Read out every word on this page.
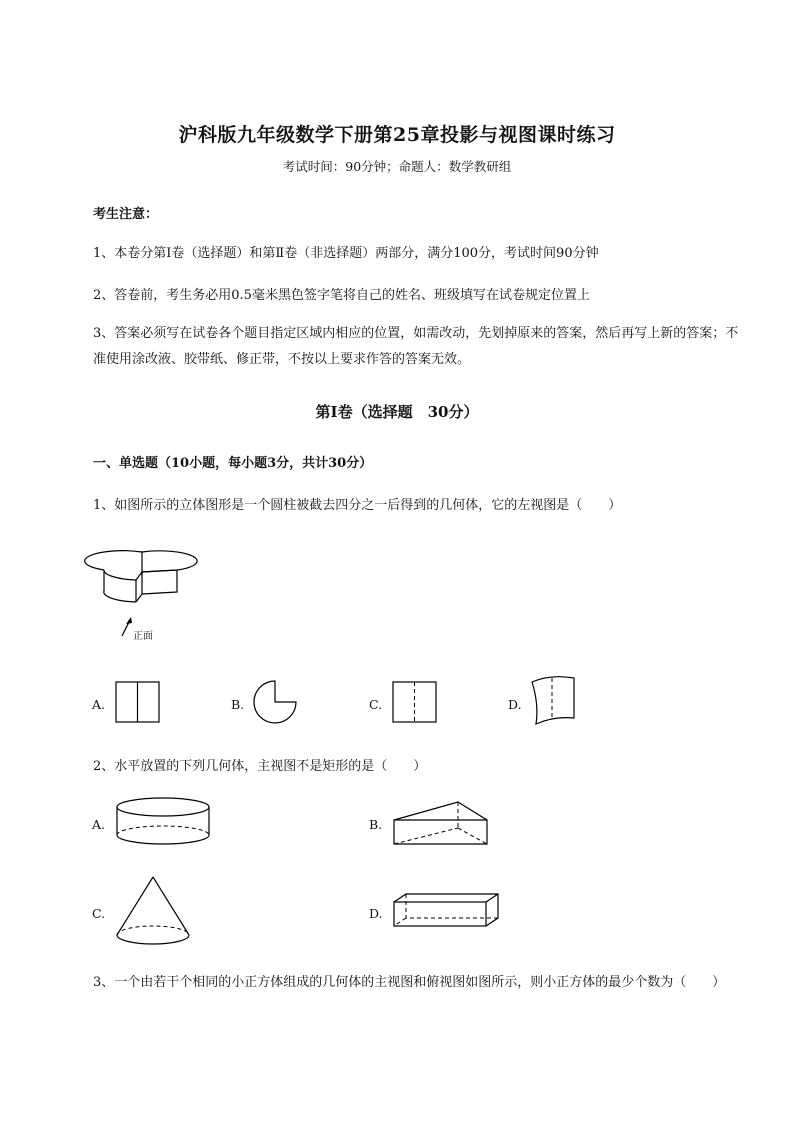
沪科版九年级数学下册第25章投影与视图课时练习
考试时间：90分钟；命题人：数学教研组
考生注意：
1、本卷分第I卷（选择题）和第Ⅱ卷（非选择题）两部分，满分100分，考试时间90分钟
2、答卷前，考生务必用0.5毫米黑色签字笔将自己的姓名、班级填写在试卷规定位置上
3、答案必须写在试卷各个题目指定区域内相应的位置，如需改动，先划掉原来的答案，然后再写上新的答案；不准使用涂改液、胶带纸、修正带，不按以上要求作答的答案无效。
第I卷（选择题　30分）
一、单选题（10小题，每小题3分，共计30分）
1、如图所示的立体图形是一个圆柱被截去四分之一后得到的几何体，它的左视图是（　　）
正面
A.	B.	C.	D.
2、水平放置的下列几何体，主视图不是矩形的是（　　）
A.	B.
C.	D.
3、一个由若干个相同的小正方体组成的几何体的主视图和俯视图如图所示，则小正方体的最少个数为（　　）
